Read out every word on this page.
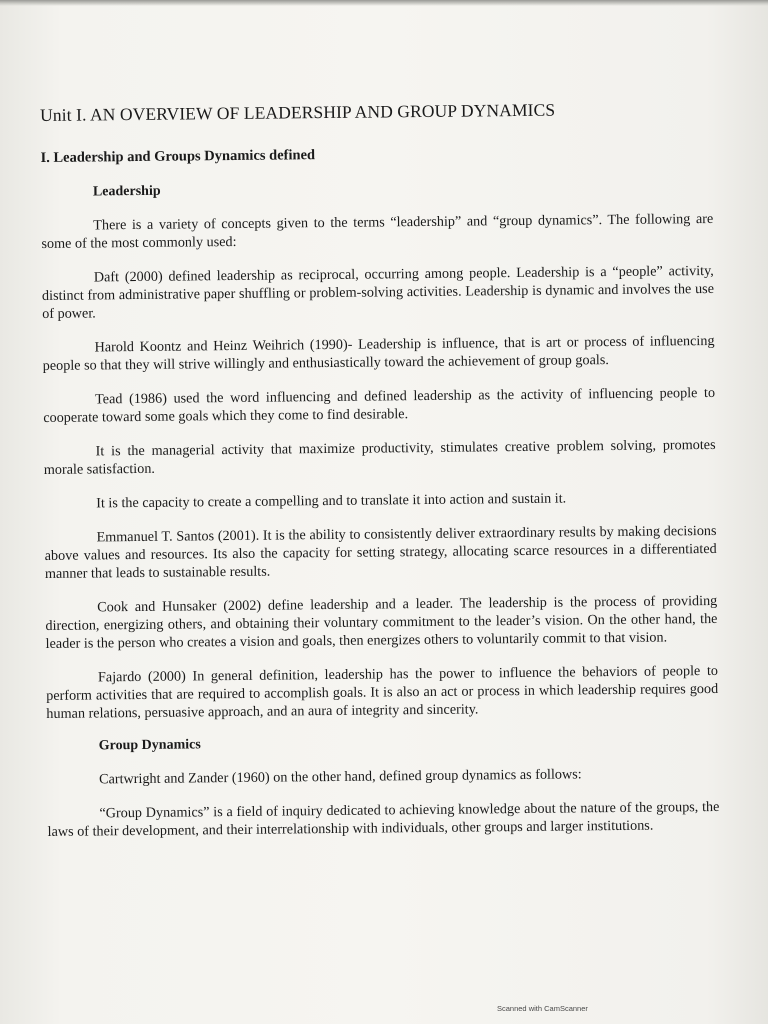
Unit I. AN OVERVIEW OF LEADERSHIP AND GROUP DYNAMICS
I. Leadership and Groups Dynamics defined
Leadership

There is a variety of concepts given to the terms “leadership” and “group dynamics”. The following are some of the most commonly used:

Daft (2000) defined leadership as reciprocal, occurring among people. Leadership is a “people” activity, distinct from administrative paper shuffling or problem-solving activities. Leadership is dynamic and involves the use of power.

Harold Koontz and Heinz Weihrich (1990)- Leadership is influence, that is art or process of influencing people so that they will strive willingly and enthusiastically toward the achievement of group goals.

Tead (1986) used the word influencing and defined leadership as the activity of influencing people to cooperate toward some goals which they come to find desirable.

It is the managerial activity that maximize productivity, stimulates creative problem solving, promotes morale satisfaction.

It is the capacity to create a compelling and to translate it into action and sustain it.

Emmanuel T. Santos (2001). It is the ability to consistently deliver extraordinary results by making decisions above values and resources. Its also the capacity for setting strategy, allocating scarce resources in a differentiated manner that leads to sustainable results.

Cook and Hunsaker (2002) define leadership and a leader. The leadership is the process of providing direction, energizing others, and obtaining their voluntary commitment to the leader’s vision. On the other hand, the leader is the person who creates a vision and goals, then energizes others to voluntarily commit to that vision.

Fajardo (2000) In general definition, leadership has the power to influence the behaviors of people to perform activities that are required to accomplish goals. It is also an act or process in which leadership requires good human relations, persuasive approach, and an aura of integrity and sincerity.

Group Dynamics

Cartwright and Zander (1960) on the other hand, defined group dynamics as follows:

“Group Dynamics” is a field of inquiry dedicated to achieving knowledge about the nature of the groups, the laws of their development, and their interrelationship with individuals, other groups and larger institutions.

Scanned with CamScanner
